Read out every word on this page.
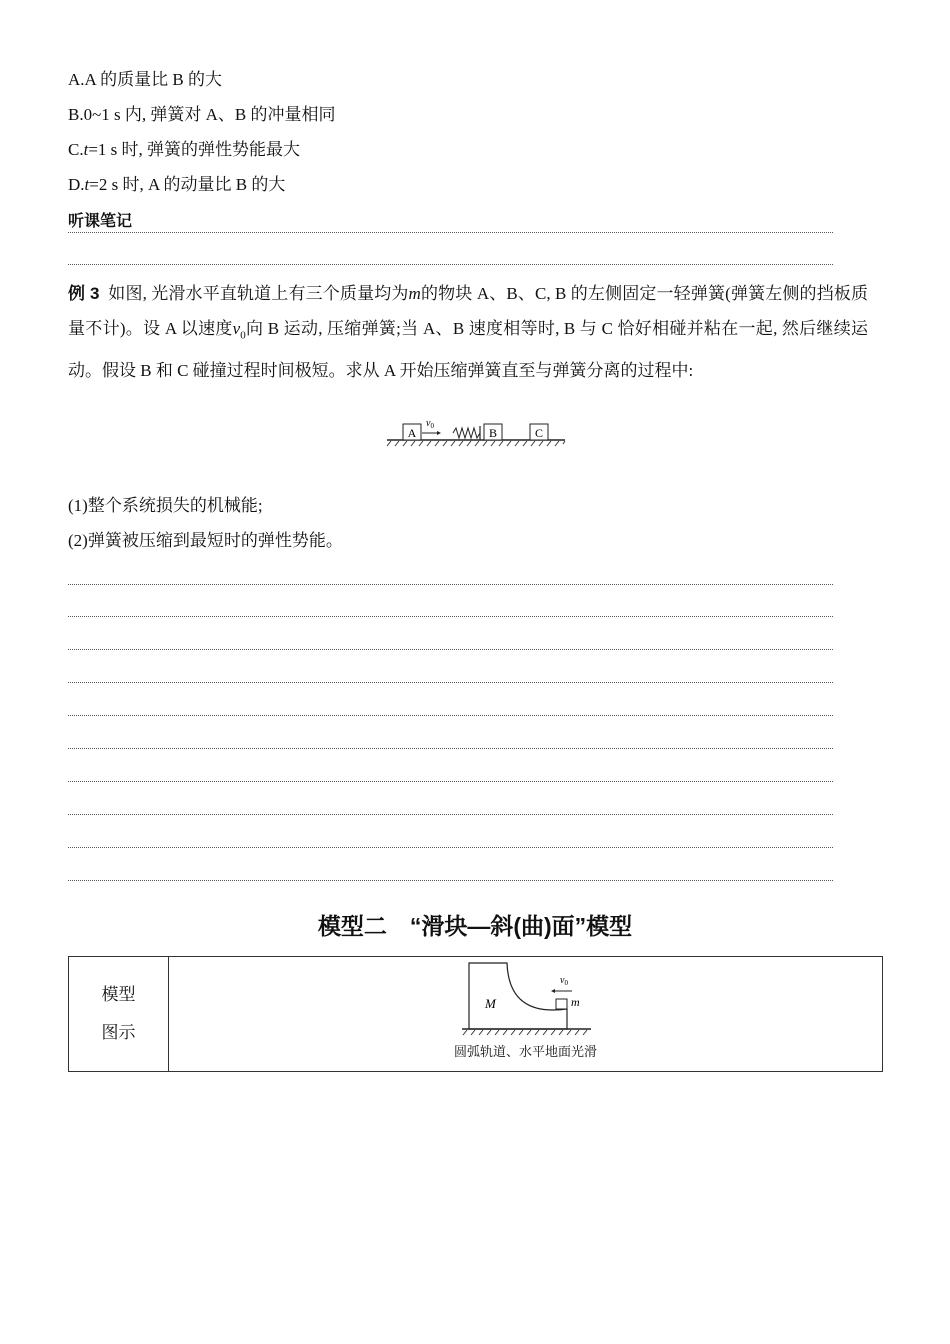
A.A 的质量比 B 的大
B.0~1 s 内, 弹簧对 A、B 的冲量相同
C.t=1 s 时, 弹簧的弹性势能最大
D.t=2 s 时, A 的动量比 B 的大
听课笔记
例 3 如图, 光滑水平直轨道上有三个质量均为m的物块 A、B、C, B 的左侧固定一轻弹簧(弹簧左侧的挡板质量不计)。设 A 以速度$v_0$向 B 运动, 压缩弹簧;当 A、B 速度相等时, B 与 C 恰好相碰并粘在一起, 然后继续运动。假设 B 和 C 碰撞过程时间极短。求从 A 开始压缩弹簧直至与弹簧分离的过程中:
A
$v_0$	B	C
(1)整个系统损失的机械能;
(2)弹簧被压缩到最短时的弹性势能。
模型二　“滑块—斜(曲)面”模型
模型
图示

M	m
$v_0$
圆弧轨道、水平地面光滑
